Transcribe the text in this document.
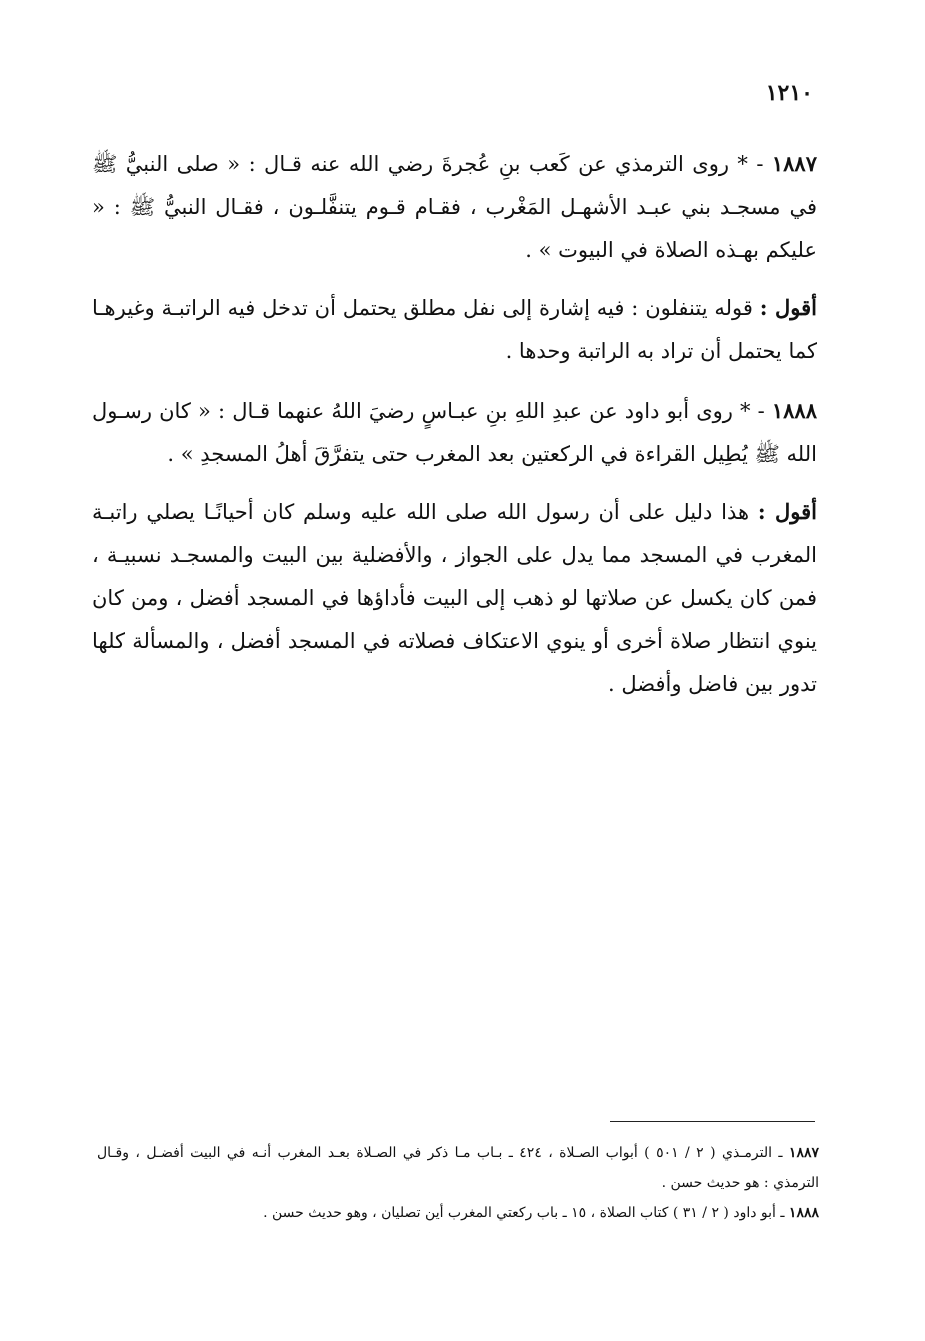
١٢١٠

١٨٨٧ - * روى الترمذي عن كَعب بنِ عُجرةَ رضي الله عنه قـال : « صلى النبيُّ ﷺ في مسجـد بني عبـد الأشهـل المَغْرب ، فقـام قـوم يتنفَّلـون ، فقـال النبيُّ ﷺ : « عليكم بهـذه الصلاة في البيوت » .

أقول : قوله يتنفلون : فيه إشارة إلى نفل مطلق يحتمل أن تدخل فيه الراتبـة وغيرهـا كما يحتمل أن تراد به الراتبة وحدها .

١٨٨٨ - * روى أبو داود عن عبدِ اللهِ بنِ عبـاسٍ رضيَ اللهُ عنهما قـال : « كان رسـول الله ﷺ يُطِيل القراءة في الركعتين بعد المغرب حتى يتفرَّقَ أهلُ المسجدِ » .

أقول : هذا دليل على أن رسول الله صلى الله عليه وسلم كان أحيانًـا يصلي راتبـة المغرب في المسجد مما يدل على الجواز ، والأفضلية بين البيت والمسجـد نسبيـة ، فمن كان يكسل عن صلاتها لو ذهب إلى البيت فأداؤها في المسجد أفضل ، ومن كان ينوي انتظار صلاة أخرى أو ينوي الاعتكاف فصلاته في المسجد أفضل ، والمسألة كلها تدور بين فاضل وأفضل .

١٨٨٧ ـ الترمـذي ( ٢ / ٥٠١ ) أبواب الصـلاة ، ٤٢٤ ـ بـاب مـا ذكر في الصـلاة بعـد المغرب أنـه في البيت أفضـل ، وقـال الترمذي : هو حديث حسن .

١٨٨٨ ـ أبو داود ( ٢ / ٣١ ) كتاب الصلاة ، ١٥ ـ باب ركعتي المغرب أين تصليان ، وهو حديث حسن .
